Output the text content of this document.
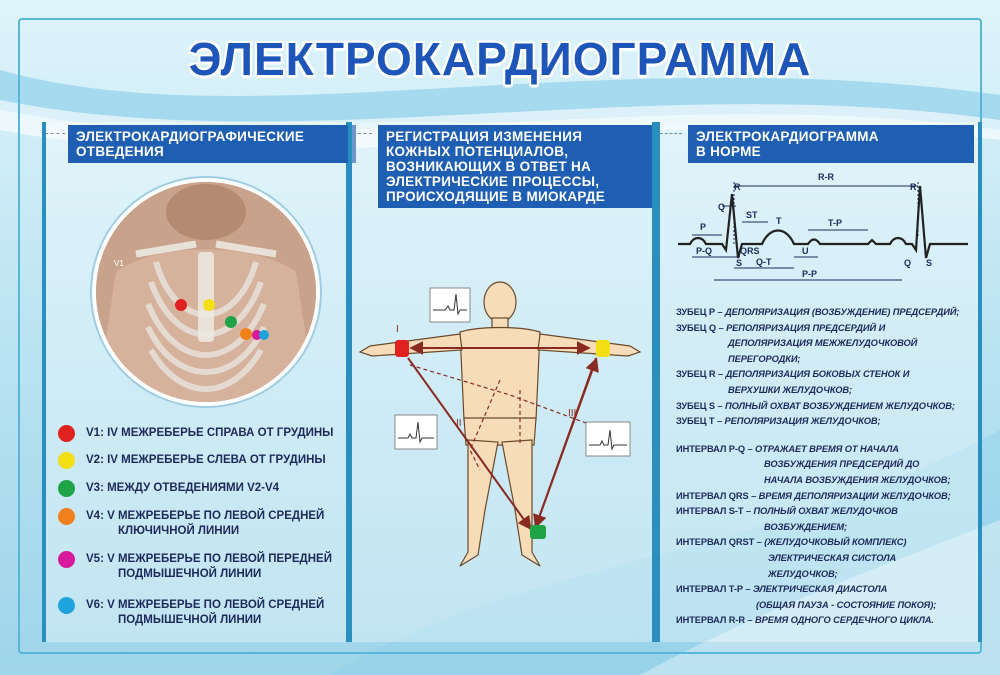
ЭЛЕКТРОКАРДИОГРАММА
ЭЛЕКТРОКАРДИОГРАФИЧЕСКИЕ
ОТВЕДЕНИЯ
V1
V1: IV МЕЖРЕБЕРЬЕ СПРАВА ОТ ГРУДИНЫ
V2: IV МЕЖРЕБЕРЬЕ СЛЕВА ОТ ГРУДИНЫ
V3: МЕЖДУ ОТВЕДЕНИЯМИ V2-V4
V4: V МЕЖРЕБЕРЬЕ ПО ЛЕВОЙ СРЕДНЕЙ
КЛЮЧИЧНОЙ ЛИНИИ
V5: V МЕЖРЕБЕРЬЕ ПО ЛЕВОЙ ПЕРЕДНЕЙ
ПОДМЫШЕЧНОЙ ЛИНИИ
V6: V МЕЖРЕБЕРЬЕ ПО ЛЕВОЙ СРЕДНЕЙ
ПОДМЫШЕЧНОЙ ЛИНИИ
РЕГИСТРАЦИЯ ИЗМЕНЕНИЯ
КОЖНЫХ ПОТЕНЦИАЛОВ,
ВОЗНИКАЮЩИХ В ОТВЕТ НА
ЭЛЕКТРИЧЕСКИЕ ПРОЦЕССЫ,
ПРОИСХОДЯЩИЕ В МИОКАРДЕ
I
II
III
ЭЛЕКТРОКАРДИОГРАММА
В НОРМЕ
R-R
R
Q
ST
T	T-P
R
P
S
P-Q	QRS
Q-T
U
P-P
Q S
ЗУБЕЦ P – ДЕПОЛЯРИЗАЦИЯ (ВОЗБУЖДЕНИЕ) ПРЕДСЕРДИЙ;
ЗУБЕЦ Q – РЕПОЛЯРИЗАЦИЯ ПРЕДСЕРДИЙ И
ДЕПОЛЯРИЗАЦИЯ МЕЖЖЕЛУДОЧКОВОЙ
ПЕРЕГОРОДКИ;
ЗУБЕЦ R – ДЕПОЛЯРИЗАЦИЯ БОКОВЫХ СТЕНОК И
ВЕРХУШКИ ЖЕЛУДОЧКОВ;
ЗУБЕЦ S – ПОЛНЫЙ ОХВАТ ВОЗБУЖДЕНИЕМ ЖЕЛУДОЧКОВ;
ЗУБЕЦ T – РЕПОЛЯРИЗАЦИЯ ЖЕЛУДОЧКОВ;
ИНТЕРВАЛ P-Q – ОТРАЖАЕТ ВРЕМЯ ОТ НАЧАЛА
ВОЗБУЖДЕНИЯ ПРЕДСЕРДИЙ ДО
НАЧАЛА ВОЗБУЖДЕНИЯ ЖЕЛУДОЧКОВ;
ИНТЕРВАЛ QRS – ВРЕМЯ ДЕПОЛЯРИЗАЦИИ ЖЕЛУДОЧКОВ;
ИНТЕРВАЛ S-T – ПОЛНЫЙ ОХВАТ ЖЕЛУДОЧКОВ
ВОЗБУЖДЕНИЕМ;
ИНТЕРВАЛ QRST – (ЖЕЛУДОЧКОВЫЙ КОМПЛЕКС)
ЭЛЕКТРИЧЕСКАЯ СИСТОЛА
ЖЕЛУДОЧКОВ;
ИНТЕРВАЛ T-P – ЭЛЕКТРИЧЕСКАЯ ДИАСТОЛА
(ОБЩАЯ ПАУЗА - СОСТОЯНИЕ ПОКОЯ);
ИНТЕРВАЛ R-R – ВРЕМЯ ОДНОГО СЕРДЕЧНОГО ЦИКЛА.
